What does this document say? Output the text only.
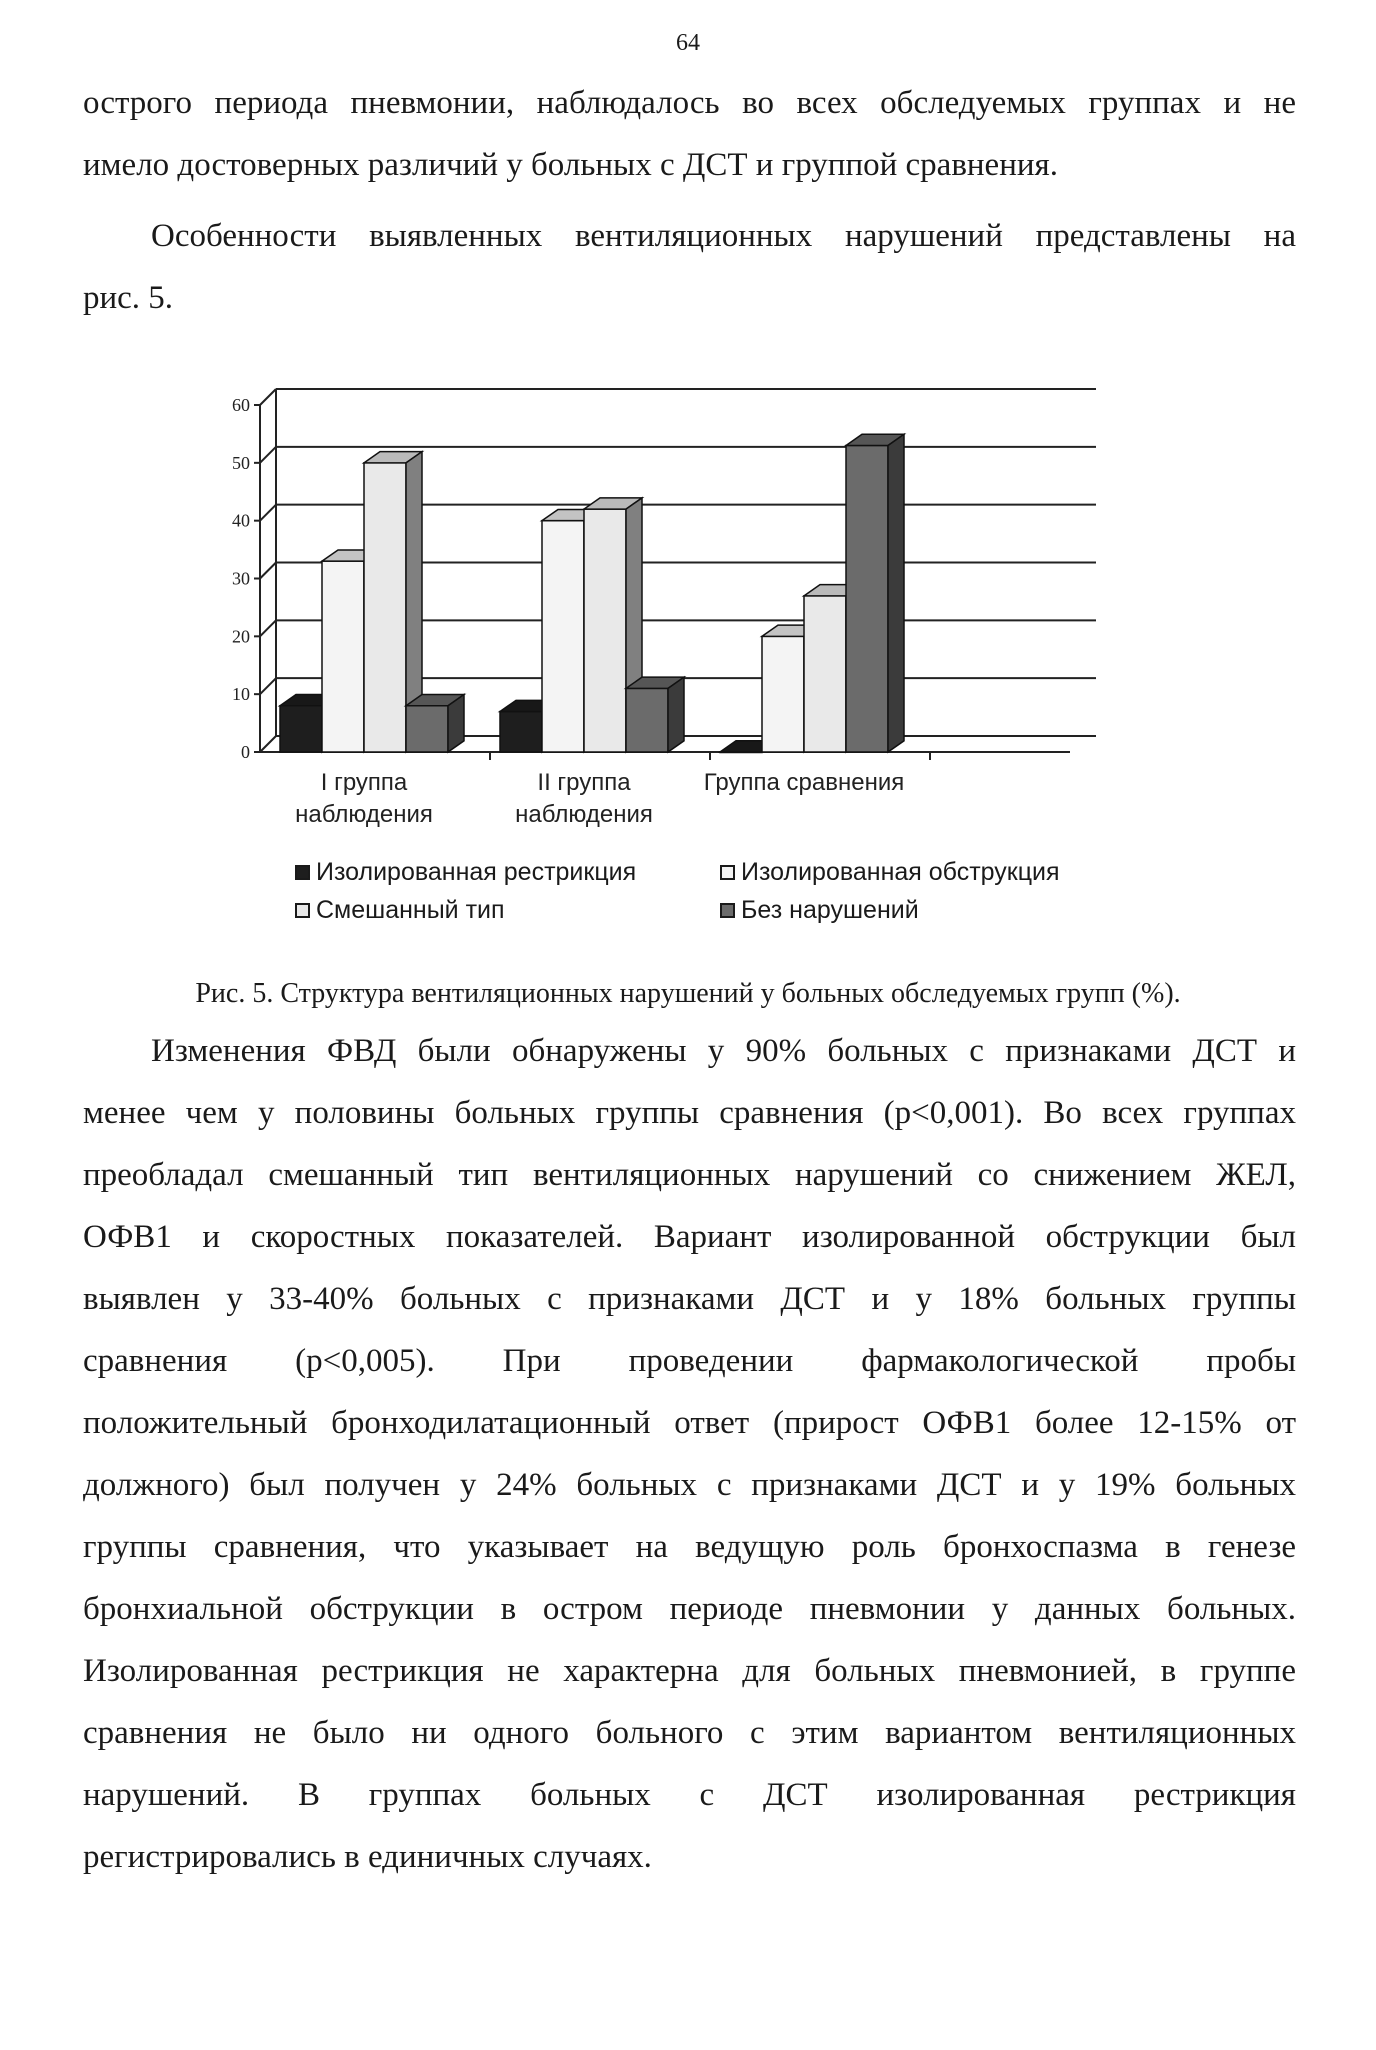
64
острого периода пневмонии, наблюдалось во всех обследуемых группах и не
имело достоверных различий у больных с ДСТ и группой сравнения.
Особенности выявленных вентиляционных нарушений представлены на
рис. 5.
0
10
20
30
40
50
60
I группа
наблюдения
II группа
наблюдения
Группа сравнения
Изолированная рестрикция	Изолированная обструкция
Смешанный тип	Без нарушений
Рис. 5. Структура вентиляционных нарушений у больных обследуемых групп (%).
Изменения ФВД были обнаружены у 90% больных с признаками ДСТ и
менее чем у половины больных группы сравнения (p<0,001). Во всех группах
преобладал смешанный тип вентиляционных нарушений со снижением ЖЕЛ,
ОФВ1 и скоростных показателей. Вариант изолированной обструкции был
выявлен у 33-40% больных с признаками ДСТ и у 18% больных группы
сравнения (p<0,005). При проведении фармакологической пробы
положительный бронходилатационный ответ (прирост ОФВ1 более 12-15% от
должного) был получен у 24% больных с признаками ДСТ и у 19% больных
группы сравнения, что указывает на ведущую роль бронхоспазма в генезе
бронхиальной обструкции в остром периоде пневмонии у данных больных.
Изолированная рестрикция не характерна для больных пневмонией, в группе
сравнения не было ни одного больного с этим вариантом вентиляционных
нарушений. В группах больных с ДСТ изолированная рестрикция
регистрировались в единичных случаях.
